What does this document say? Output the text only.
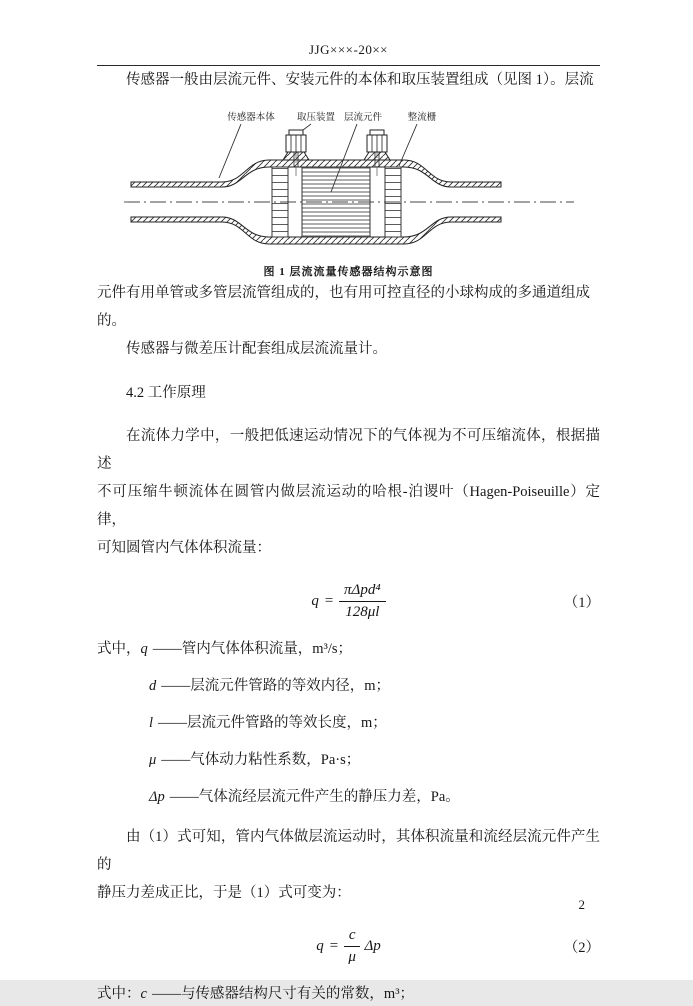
JJG×××-20××

传感器一般由层流元件、安装元件的本体和取压装置组成（见图 1）。层流

传感器本体 取压装置 层流元件	整流栅
图 1 层流流量传感器结构示意图

元件有用单管或多管层流管组成的，也有用可控直径的小球构成的多通道组成

的。

传感器与微差压计配套组成层流流量计。

4.2 工作原理

在流体力学中，一般把低速运动情况下的气体视为不可压缩流体，根据描述

不可压缩牛顿流体在圆管内做层流运动的哈根-泊谡叶（Hagen-Poiseuille）定律，

可知圆管内气体体积流量：

$q = \frac{\text{πΔpd⁴}}{128\mu l}$	（1）
式中，q ——管内气体体积流量，m³/s；
d ——层流元件管路的等效内径，m；
l ——层流元件管路的等效长度，m；
μ ——气体动力粘性系数，Pa·s；
Δp ——气体流经层流元件产生的静压力差，Pa。

由（1）式可知，管内气体做层流运动时，其体积流量和流经层流元件产生的

静压力差成正比，于是（1）式可变为：

$q = \frac{c}{\mu}$ Δp	（2）
式中：c ——与传感器结构尺寸有关的常数，m³；
2
